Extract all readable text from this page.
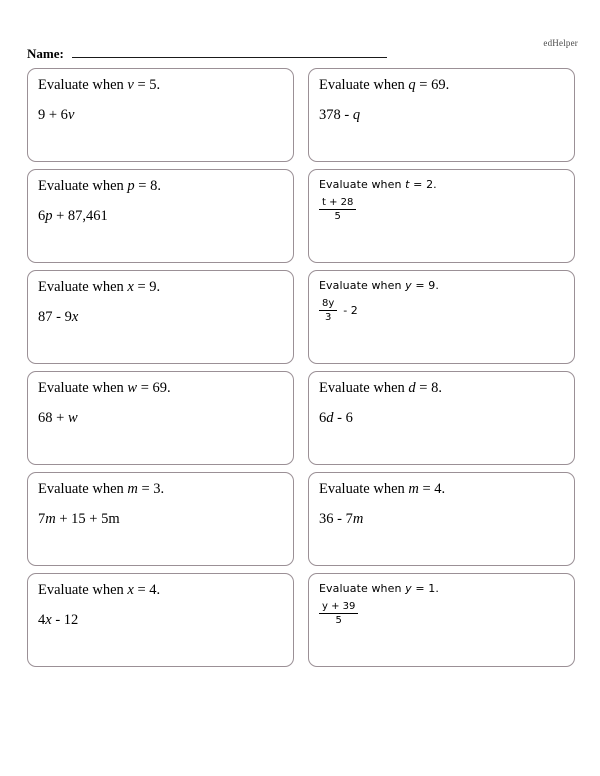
edHelper
Name:
Evaluate when v = 5.
9 + 6v
Evaluate when q = 69.
378 - q
Evaluate when p = 8.
6p + 87,461
Evaluate when t = 2.
$\frac{t + 28}{5}$
Evaluate when x = 9.
87 - 9x
Evaluate when y = 9.
$\frac{8y}{3} - 2$
Evaluate when w = 69.
68 + w
Evaluate when d = 8.
6d - 6
Evaluate when m = 3.
7m + 15 + 5m
Evaluate when m = 4.
36 - 7m
Evaluate when x = 4.
4x - 12
Evaluate when y = 1.
$\frac{y + 39}{5}$
